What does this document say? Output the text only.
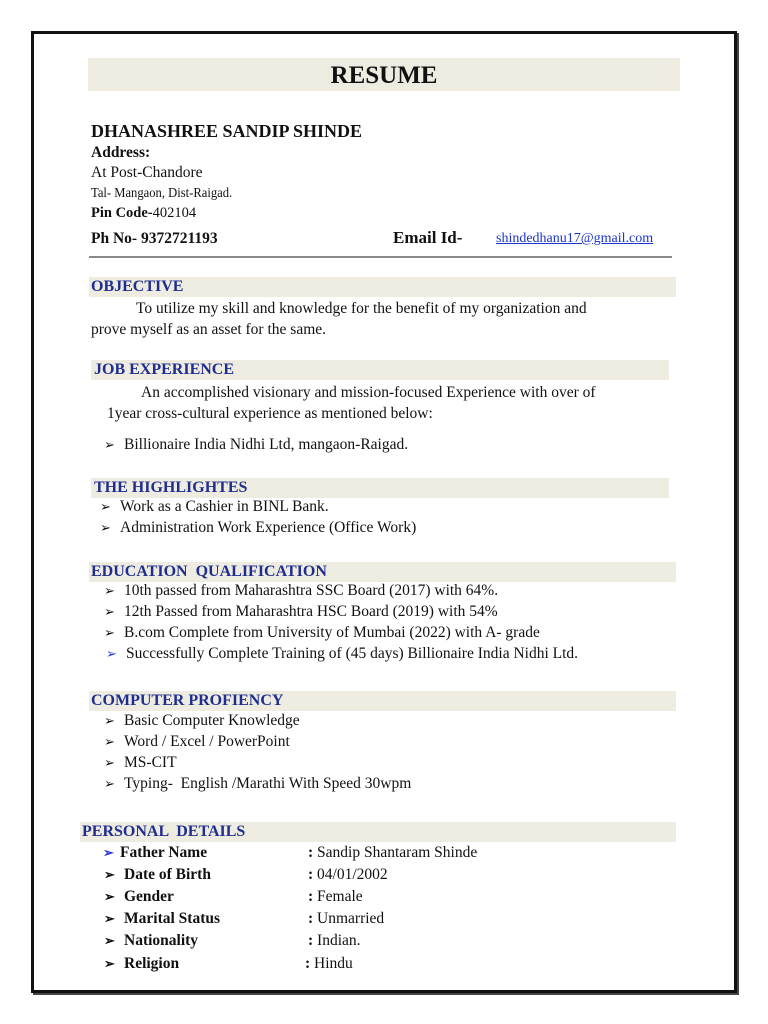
RESUME
DHANASHREE SANDIP SHINDE
Address:
At Post-Chandore
Tal- Mangaon, Dist-Raigad.
Pin Code-402104
Ph No- 9372721193	Email Id- shindedhanu17@gmail.com
OBJECTIVE
To utilize my skill and knowledge for the benefit of my organization and
prove myself as an asset for the same.
JOB EXPERIENCE
An accomplished visionary and mission-focused Experience with over of
1year cross-cultural experience as mentioned below:
➢ Billionaire India Nidhi Ltd, mangaon-Raigad.
THE HIGHLIGHTES
➢ Work as a Cashier in BINL Bank.
➢ Administration Work Experience (Office Work)
EDUCATION  QUALIFICATION
➢ 10th passed from Maharashtra SSC Board (2017) with 64%.
➢ 12th Passed from Maharashtra HSC Board (2019) with 54%
➢ B.com Complete from University of Mumbai (2022) with A- grade
➢ Successfully Complete Training of (45 days) Billionaire India Nidhi Ltd.
COMPUTER PROFIENCY
➢ Basic Computer Knowledge
➢ Word / Excel / PowerPoint
➢ MS-CIT
➢ Typing-  English /Marathi With Speed 30wpm
PERSONAL  DETAILS
➢ Father Name	: Sandip Shantaram Shinde
➢ Date of Birth	: 04/01/2002
➢ Gender	: Female
➢ Marital Status	: Unmarried
➢ Nationality	: Indian.
➢ Religion	: Hindu
